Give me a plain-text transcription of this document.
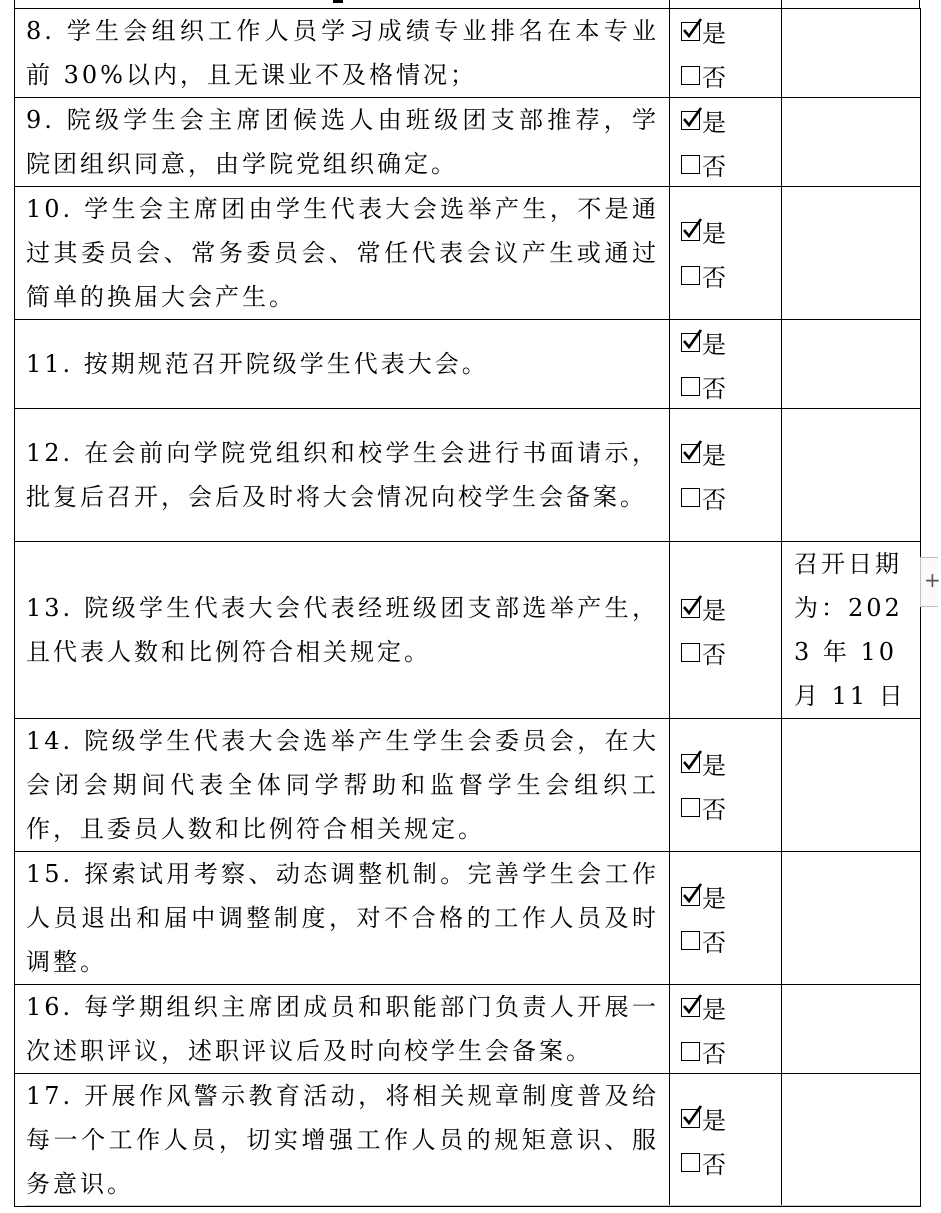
8. 学生会组织工作人员学习成绩专业排名在本专业前 30%以内，且无课业不及格情况；	是
否	

9. 院级学生会主席团候选人由班级团支部推荐，学院团组织同意，由学院党组织确定。	是
否	

10. 学生会主席团由学生代表大会选举产生，不是通过其委员会、常务委员会、常任代表会议产生或通过简单的换届大会产生。	是
否	

11. 按期规范召开院级学生代表大会。	是
否	

12. 在会前向学院党组织和校学生会进行书面请示，批复后召开，会后及时将大会情况向校学生会备案。	是
否	

13. 院级学生代表大会代表经班级团支部选举产生，且代表人数和比例符合相关规定。	是
否	召开日期为：2023 年 10 月 11 日

14. 院级学生代表大会选举产生学生会委员会，在大会闭会期间代表全体同学帮助和监督学生会组织工作，且委员人数和比例符合相关规定。	是
否	

15. 探索试用考察、动态调整机制。完善学生会工作人员退出和届中调整制度，对不合格的工作人员及时调整。	是
否	

16. 每学期组织主席团成员和职能部门负责人开展一次述职评议，述职评议后及时向校学生会备案。	是
否	

17. 开展作风警示教育活动，将相关规章制度普及给每一个工作人员，切实增强工作人员的规矩意识、服务意识。	是
否	

+
